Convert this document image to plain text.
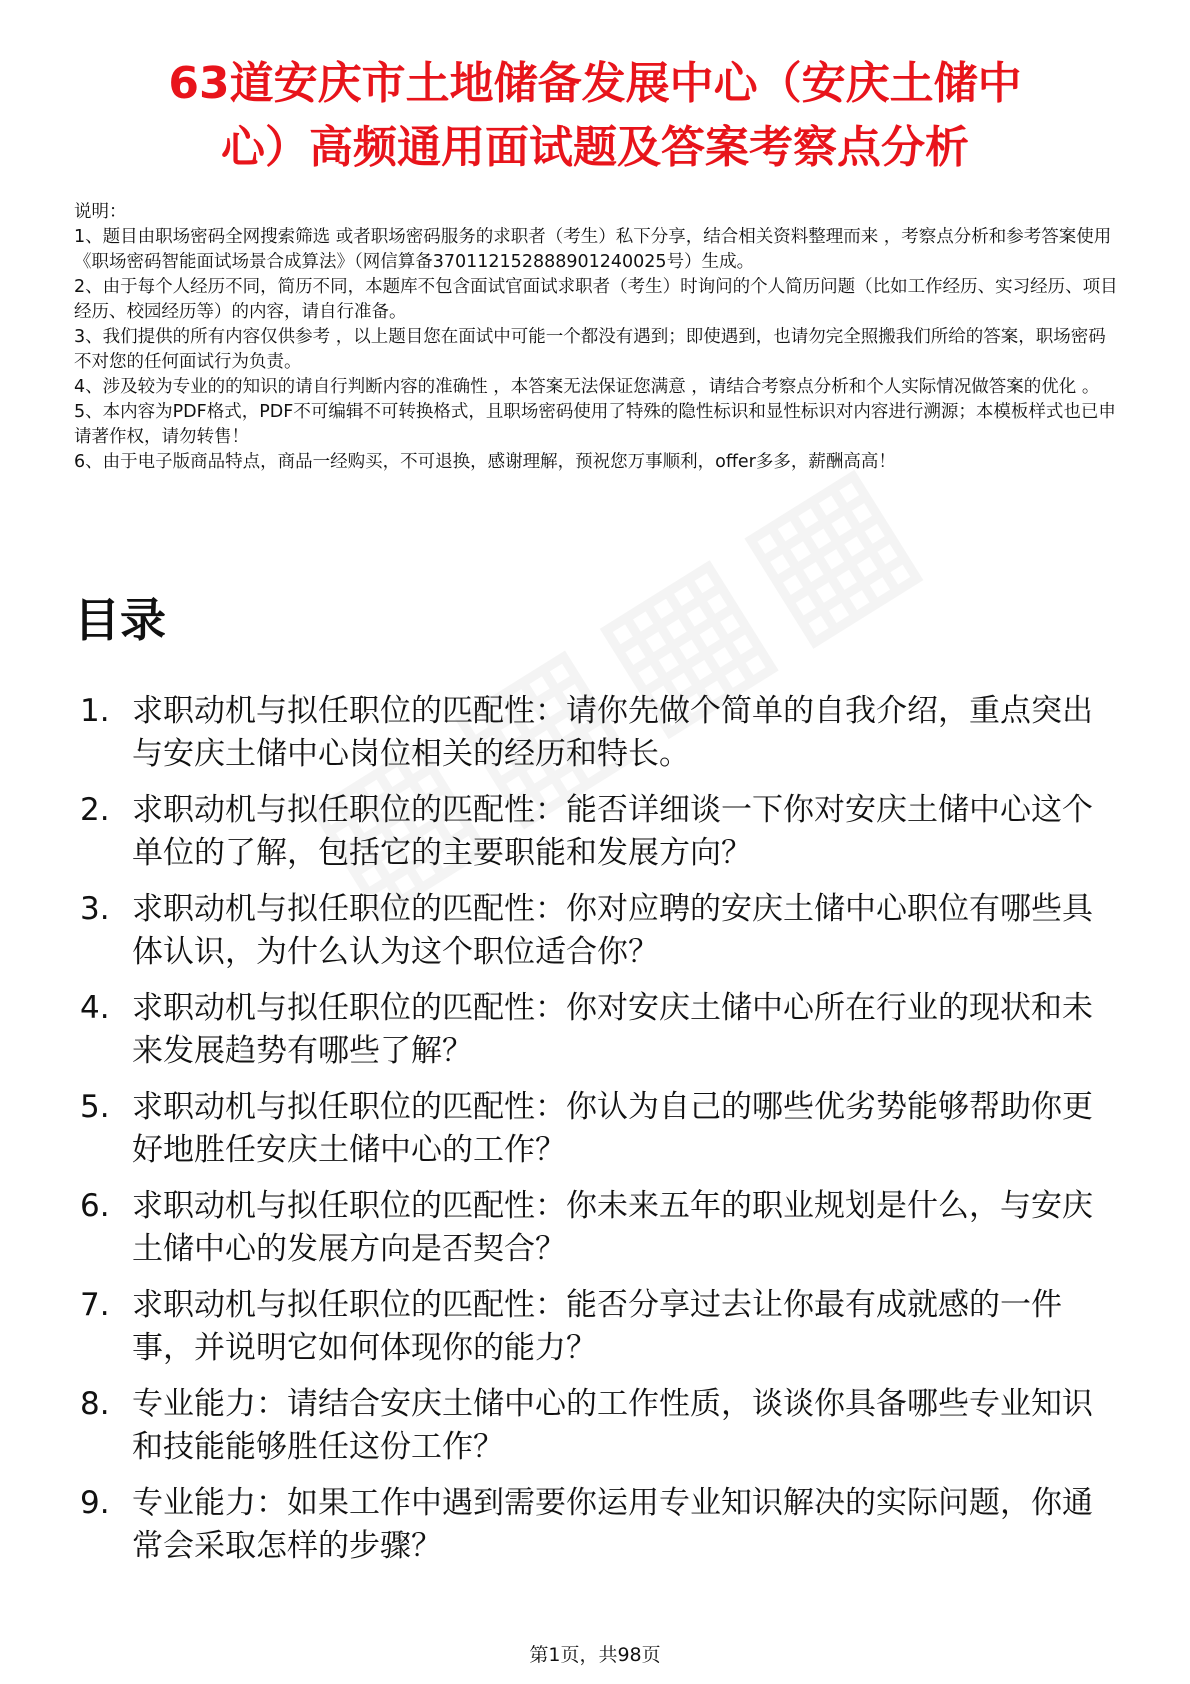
63道安庆市土地储备发展中心（安庆土储中
心）高频通用面试题及答案考察点分析
说明：
1、题目由职场密码全网搜索筛选 或者职场密码服务的求职者（考生）私下分享，结合相关资料整理而来 ，考察点分析和参考答案使用《职场密码智能面试场景合成算法》（网信算备370112152888901240025号）生成。
2、由于每个人经历不同，简历不同，本题库不包含面试官面试求职者（考生）时询问的个人简历问题（比如工作经历、实习经历、项目经历、校园经历等）的内容，请自行准备。
3、我们提供的所有内容仅供参考 ，以上题目您在面试中可能一个都没有遇到；即使遇到，也请勿完全照搬我们所给的答案，职场密码不对您的任何面试行为负责。
4、涉及较为专业的的知识的请自行判断内容的准确性 ，本答案无法保证您满意 ，请结合考察点分析和个人实际情况做答案的优化 。
5、本内容为PDF格式，PDF不可编辑不可转换格式，且职场密码使用了特殊的隐性标识和显性标识对内容进行溯源；本模板样式也已申请著作权，请勿转售！
6、由于电子版商品特点，商品一经购买，不可退换，感谢理解，预祝您万事顺利，offer多多，薪酬高高！
目录
1. 求职动机与拟任职位的匹配性：请你先做个简单的自我介绍，重点突出与安庆土储中心岗位相关的经历和特长。
2. 求职动机与拟任职位的匹配性：能否详细谈一下你对安庆土储中心这个单位的了解，包括它的主要职能和发展方向？
3. 求职动机与拟任职位的匹配性：你对应聘的安庆土储中心职位有哪些具体认识，为什么认为这个职位适合你？
4. 求职动机与拟任职位的匹配性：你对安庆土储中心所在行业的现状和未来发展趋势有哪些了解？
5. 求职动机与拟任职位的匹配性：你认为自己的哪些优劣势能够帮助你更好地胜任安庆土储中心的工作？
6. 求职动机与拟任职位的匹配性：你未来五年的职业规划是什么，与安庆土储中心的发展方向是否契合？
7. 求职动机与拟任职位的匹配性：能否分享过去让你最有成就感的一件事，并说明它如何体现你的能力？
8. 专业能力：请结合安庆土储中心的工作性质，谈谈你具备哪些专业知识和技能能够胜任这份工作？
9. 专业能力：如果工作中遇到需要你运用专业知识解决的实际问题，你通常会采取怎样的步骤？
第1页，共98页
